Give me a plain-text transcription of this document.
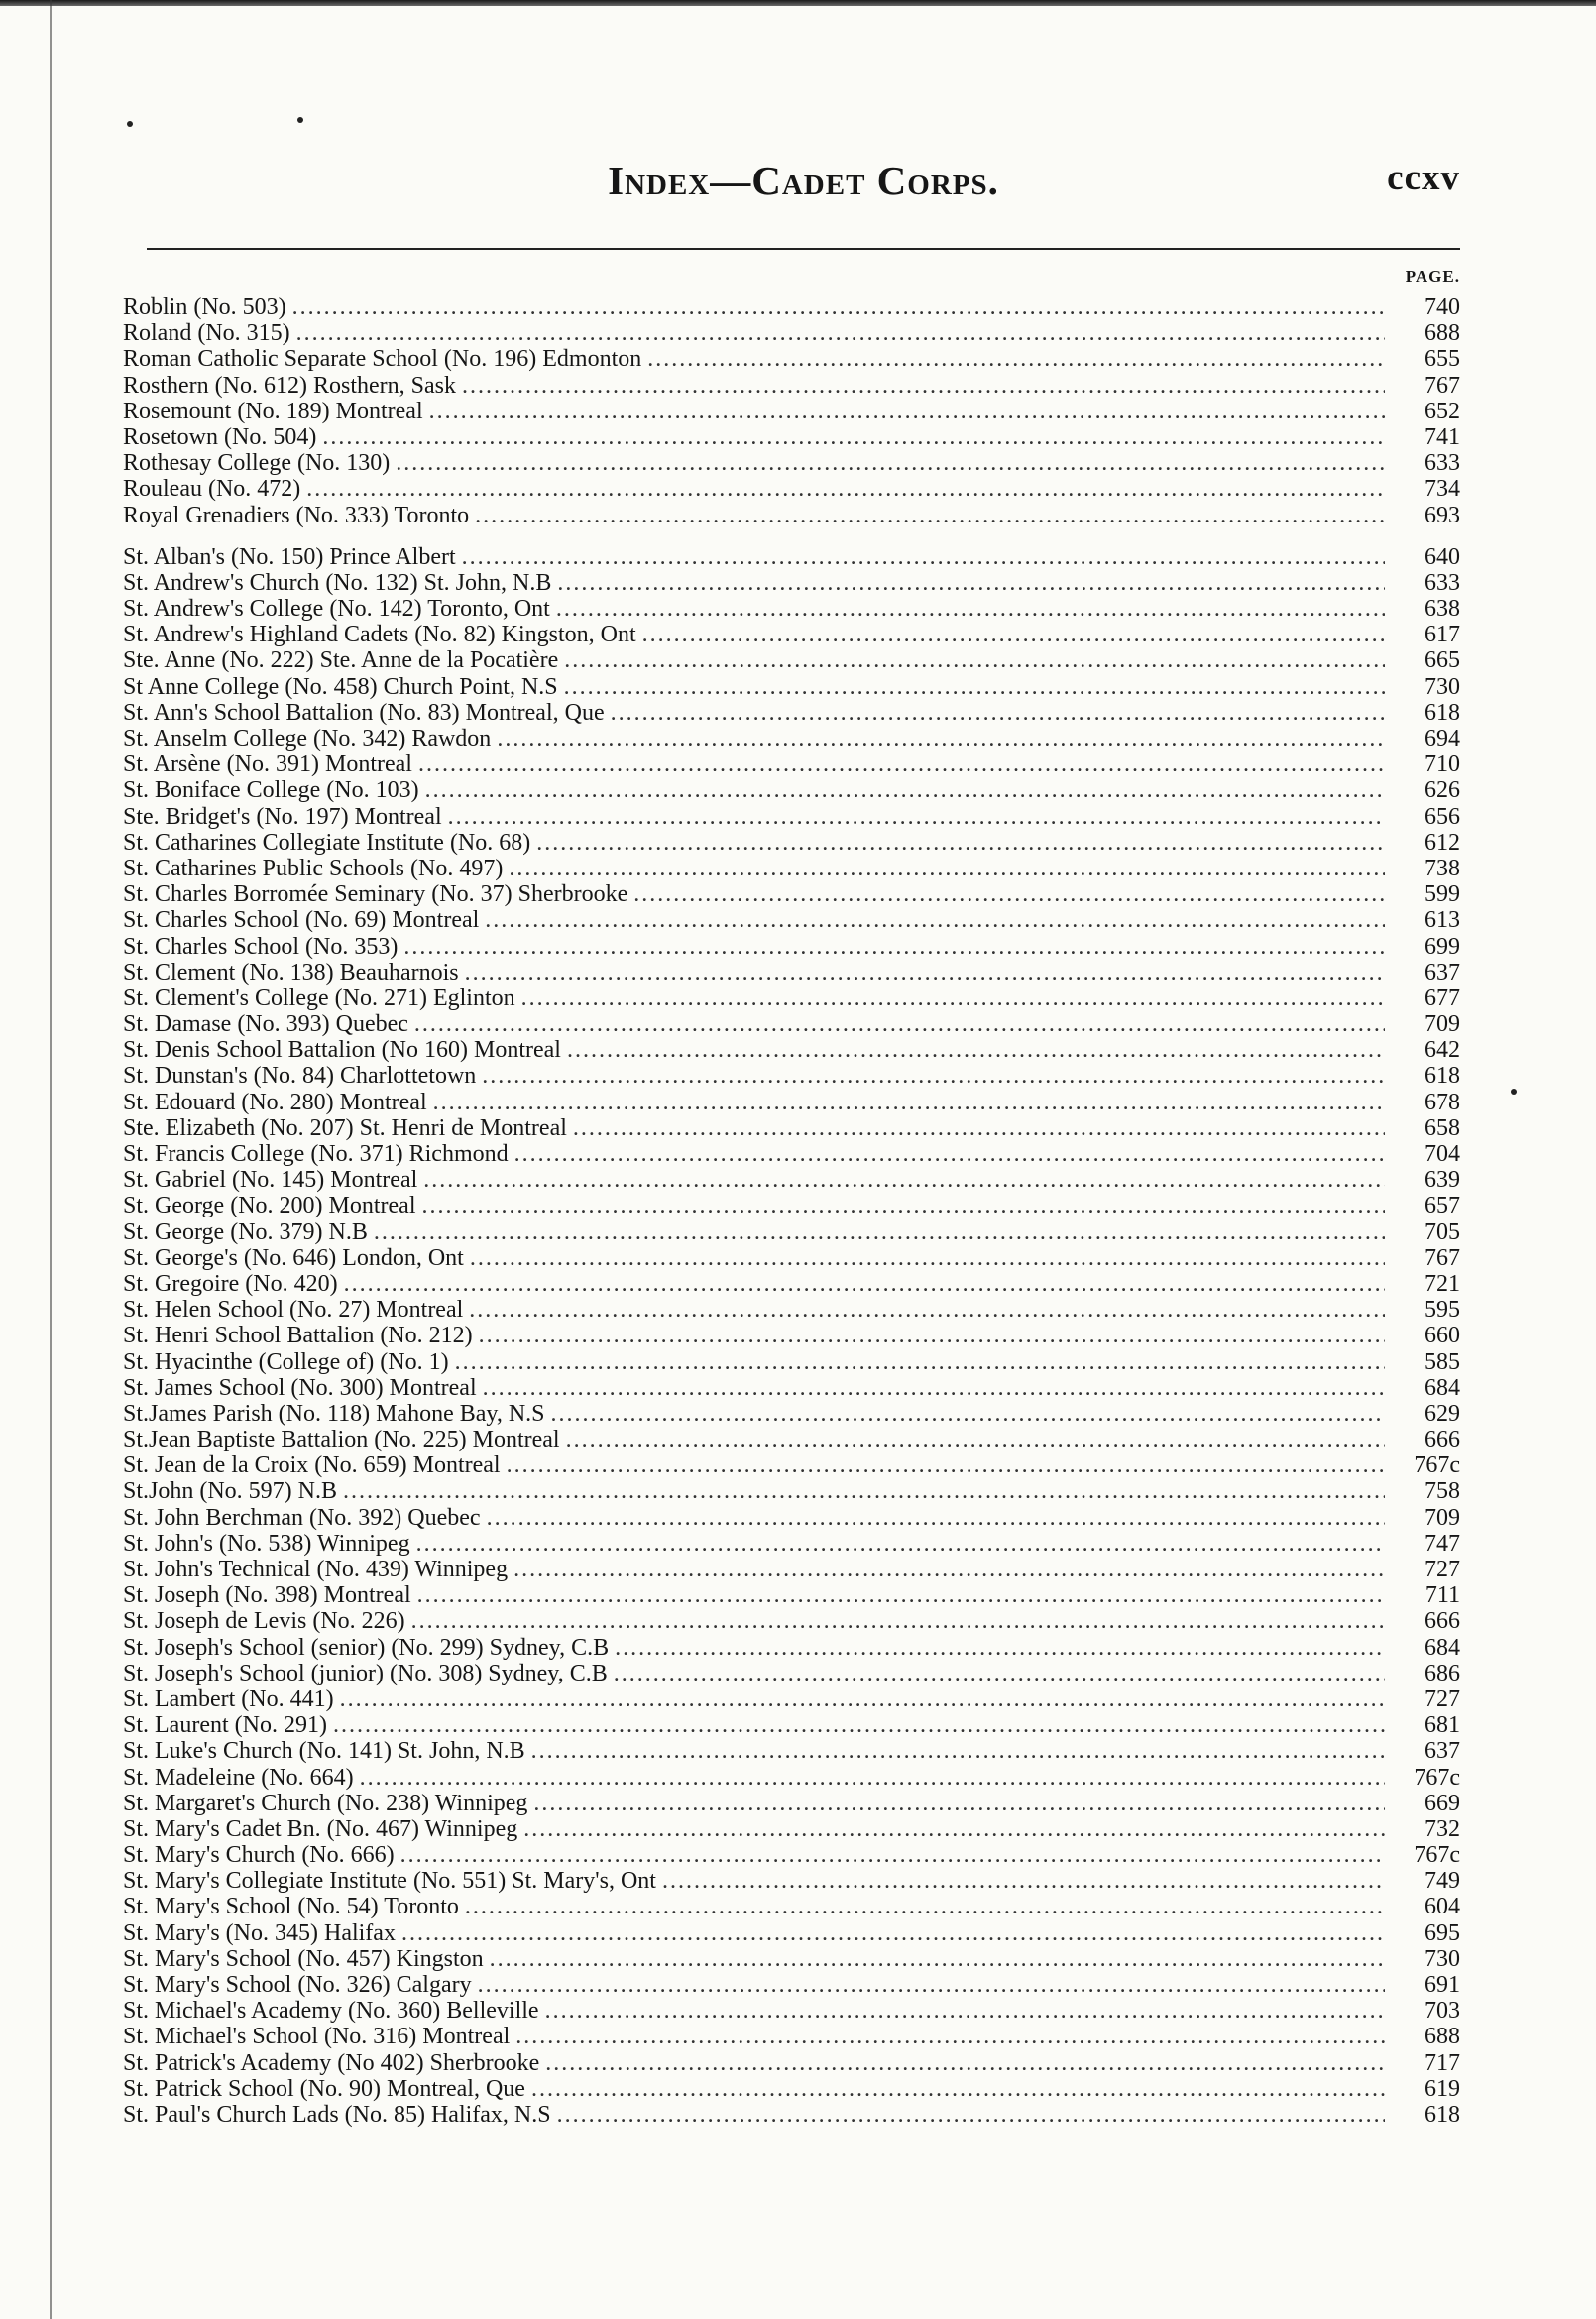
Index—Cadet Corps.	ccxv
PAGE.
Roblin (No. 503) .....	740
Roland (No. 315) .....	688
Roman Catholic Separate School (No. 196) Edmonton .....	655
Rosthern (No. 612) Rosthern, Sask .....	767
Rosemount (No. 189) Montreal .....	652
Rosetown (No. 504) .....	741
Rothesay College (No. 130) .....	633
Rouleau (No. 472) .....	734
Royal Grenadiers (No. 333) Toronto .....	693
St. Alban's (No. 150) Prince Albert .....	640
St. Andrew's Church (No. 132) St. John, N.B .....	633
St. Andrew's College (No. 142) Toronto, Ont .....	638
St. Andrew's Highland Cadets (No. 82) Kingston, Ont .....	617
Ste. Anne (No. 222) Ste. Anne de la Pocatière .....	665
St Anne College (No. 458) Church Point, N.S .....	730
St. Ann's School Battalion (No. 83) Montreal, Que .....	618
St. Anselm College (No. 342) Rawdon .....	694
St. Arsène (No. 391) Montreal .....	710
St. Boniface College (No. 103) .....	626
Ste. Bridget's (No. 197) Montreal .....	656
St. Catharines Collegiate Institute (No. 68) .....	612
St. Catharines Public Schools (No. 497) .....	738
St. Charles Borromée Seminary (No. 37) Sherbrooke .....	599
St. Charles School (No. 69) Montreal .....	613
St. Charles School (No. 353) .....	699
St. Clement (No. 138) Beauharnois .....	637
St. Clement's College (No. 271) Eglinton .....	677
St. Damase (No. 393) Quebec .....	709
St. Denis School Battalion (No 160) Montreal .....	642
St. Dunstan's (No. 84) Charlottetown .....	618
St. Edouard (No. 280) Montreal .....	678
Ste. Elizabeth (No. 207) St. Henri de Montreal .....	658
St. Francis College (No. 371) Richmond .....	704
St. Gabriel (No. 145) Montreal .....	639
St. George (No. 200) Montreal .....	657
St. George (No. 379) N.B .....	705
St. George's (No. 646) London, Ont .....	767
St. Gregoire (No. 420) .....	721
St. Helen School (No. 27) Montreal .....	595
St. Henri School Battalion (No. 212) .....	660
St. Hyacinthe (College of) (No. 1) .....	585
St. James School (No. 300) Montreal .....	684
St.James Parish (No. 118) Mahone Bay, N.S .....	629
St.Jean Baptiste Battalion (No. 225) Montreal .....	666
St. Jean de la Croix (No. 659) Montreal .....	767c
St.John (No. 597) N.B .....	758
St. John Berchman (No. 392) Quebec .....	709
St. John's (No. 538) Winnipeg .....	747
St. John's Technical (No. 439) Winnipeg .....	727
St. Joseph (No. 398) Montreal .....	711
St. Joseph de Levis (No. 226) .....	666
St. Joseph's School (senior) (No. 299) Sydney, C.B .....	684
St. Joseph's School (junior) (No. 308) Sydney, C.B .....	686
St. Lambert (No. 441) .....	727
St. Laurent (No. 291) .....	681
St. Luke's Church (No. 141) St. John, N.B .....	637
St. Madeleine (No. 664) .....	767c
St. Margaret's Church (No. 238) Winnipeg .....	669
St. Mary's Cadet Bn. (No. 467) Winnipeg .....	732
St. Mary's Church (No. 666) .....	767c
St. Mary's Collegiate Institute (No. 551) St. Mary's, Ont .....	749
St. Mary's School (No. 54) Toronto .....	604
St. Mary's (No. 345) Halifax .....	695
St. Mary's School (No. 457) Kingston .....	730
St. Mary's School (No. 326) Calgary .....	691
St. Michael's Academy (No. 360) Belleville .....	703
St. Michael's School (No. 316) Montreal .....	688
St. Patrick's Academy (No 402) Sherbrooke .....	717
St. Patrick School (No. 90) Montreal, Que .....	619
St. Paul's Church Lads (No. 85) Halifax, N.S .....	618
